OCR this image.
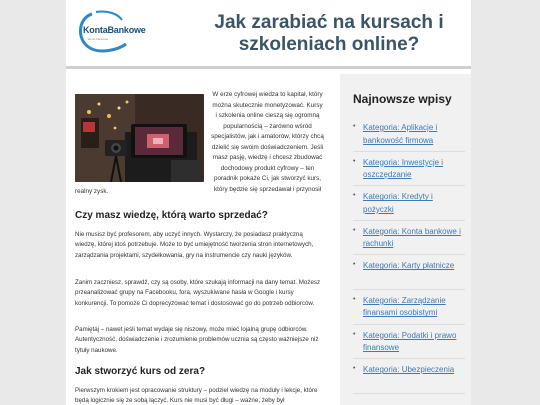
KontaBankowe
konto bankowe
Jak zarabiać na kursach i szkoleniach online?
W erze cyfrowej wiedza to kapitał, który można skutecznie monetyzować. Kursy i szkolenia online cieszą się ogromną popularnością – zarówno wśród specjalistów, jak i amatorów, którzy chcą dzielić się swoim doświadczeniem. Jeśli masz pasję, wiedzę i chcesz zbudować dochodowy produkt cyfrowy – ten poradnik pokaże Ci, jak stworzyć kurs, który będzie się sprzedawał i przynosił
realny zysk.
Czy masz wiedzę, którą warto sprzedać?

Nie musisz być profesorem, aby uczyć innych. Wystarczy, że posiadasz praktyczną wiedzę, której ktoś potrzebuje. Może to być umiejętność tworzenia stron internetowych, zarządzania projektami, szydełkowania, gry na instrumencie czy nauki języków.

Zanim zaczniesz, sprawdź, czy są osoby, które szukają informacji na dany temat. Możesz przeanalizować grupy na Facebooku, fora, wyszukiwane hasła w Google i kursy konkurencji. To pomoże Ci doprecyzować temat i dostosować go do potrzeb odbiorców.

Pamiętaj – nawet jeśli temat wydaje się niszowy, może mieć lojalną grupę odbiorców. Autentyczność, doświadczenie i zrozumienie problemów ucznia są często ważniejsze niż tytuły naukowe.

Jak stworzyć kurs od zera?

Pierwszym krokiem jest opracowanie struktury – podziel wiedzę na moduły i lekcje, które będą logicznie się ze sobą łączyć. Kurs nie musi być długi – ważne, żeby był

Najnowsze wpisy
• Kategoria: Aplikacje i bankowość firmowa
• Kategoria: Inwestycje i oszczędzanie
• Kategoria: Kredyty i pożyczki
• Kategoria: Konta bankowe i rachunki
• Kategoria: Karty płatnicze
• Kategoria: Zarządzanie finansami osobistymi
• Kategoria: Podatki i prawo finansowe
• Kategoria: Ubezpieczenia
